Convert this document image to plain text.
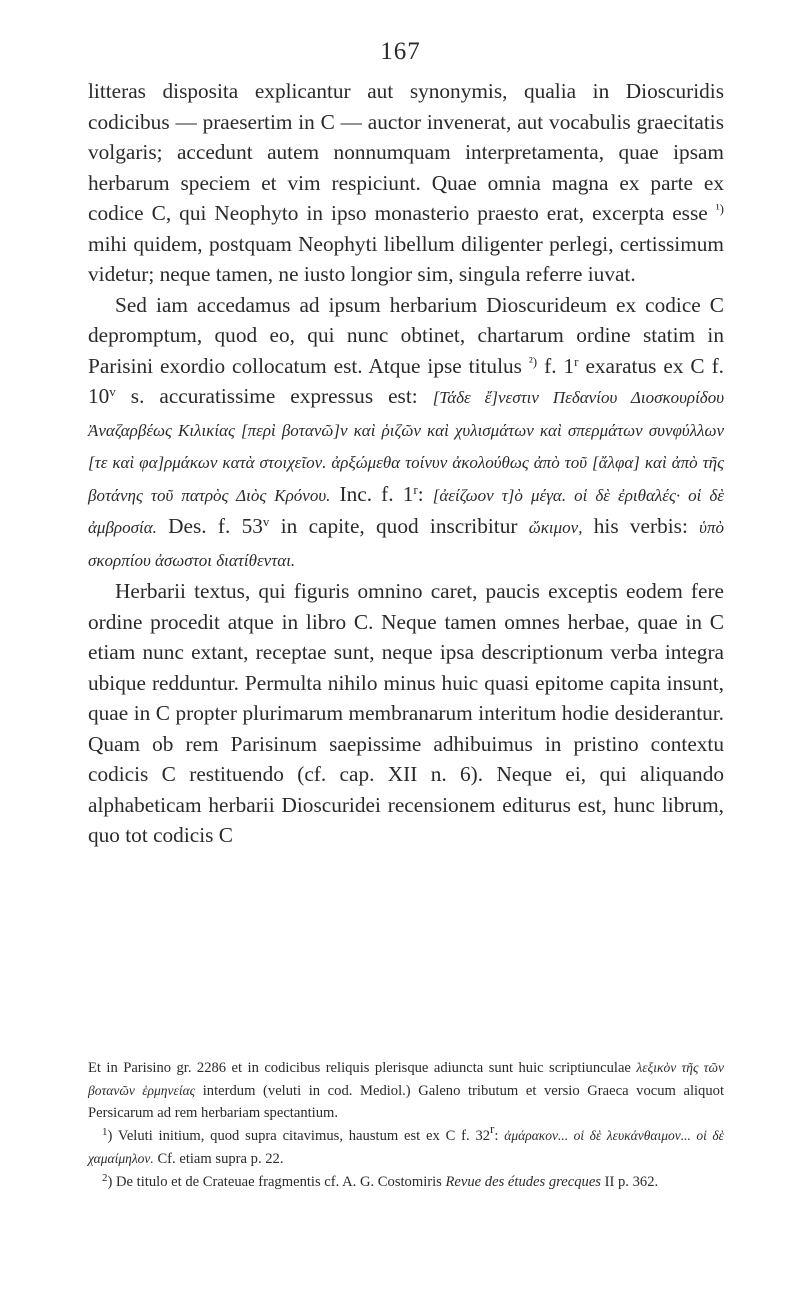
167

litteras disposita explicantur aut synonymis, qualia in Dioscuridis codicibus — praesertim in C — auctor invenerat, aut vocabulis graecitatis volgaris; accedunt autem nonnumquam interpretamenta, quae ipsam herbarum speciem et vim respiciunt. Quae omnia magna ex parte ex codice C, qui Neophyto in ipso monasterio praesto erat, excerpta esse $^{^1)}$ mihi quidem, postquam Neophyti libellum diligenter perlegi, certissimum videtur; neque tamen, ne iusto longior sim, singula referre iuvat.

Sed iam accedamus ad ipsum herbarium Dioscurideum ex codice C depromptum, quod eo, qui nunc obtinet, chartarum ordine statim in Parisini exordio collocatum est. Atque ipse titulus $^{^2)}$ f. 1$^r$ exaratus ex C f. 10$^v$ s. accuratissime expressus est: [Τάδε ἔ]νεστιν Πεδανίου Διοσκουρίδου Ἀναζαρβέως Κιλικίας [περὶ βοτανῶ]ν καὶ ῥιζῶν καὶ χυλισμάτων καὶ σπερμάτων συνφύλλων [τε καὶ φα]ρμάκων κατὰ στοιχεῖον. ἀρξώμεθα τοίνυν ἀκολούθως ἀπὸ τοῦ [ἄλφα] καὶ ἀπὸ τῆς βοτάνης τοῦ πατρὸς Διὸς Κρόνου. Inc. f. 1$^r$: [ἀείζωον τ]ὸ μέγα. οἱ δὲ ἐριθαλές· οἱ δὲ ἀμβροσία. Des. f. 53$^v$ in capite, quod inscribitur ὤκιμον, his verbis: ὑπὸ σκορπίου ἀσωστοι διατίθενται.

Herbarii textus, qui figuris omnino caret, paucis exceptis eodem fere ordine procedit atque in libro C. Neque tamen omnes herbae, quae in C etiam nunc extant, receptae sunt, neque ipsa descriptionum verba integra ubique redduntur. Permulta nihilo minus huic quasi epitome capita insunt, quae in C propter plurimarum membranarum interitum hodie desiderantur. Quam ob rem Parisinum saepissime adhibuimus in pristino contextu codicis C restituendo (cf. cap. XII n. 6). Neque ei, qui aliquando alphabeticam herbarii Dioscuridei recensionem editurus est, hunc librum, quo tot codicis C

Et in Parisino gr. 2286 et in codicibus reliquis plerisque adiuncta sunt huic scriptiunculae λεξικὸν τῆς τῶν βοτανῶν ἑρμηνείας interdum (veluti in cod. Mediol.) Galeno tributum et versio Graeca vocum aliquot Persicarum ad rem herbariam spectantium.

$^1$) Veluti initium, quod supra citavimus, haustum est ex C f. 32$^r$: ἀμάρακον... οἱ δὲ λευκάνθαιμον... οἱ δὲ χαμαίμηλον. Cf. etiam supra p. 22.

$^2$) De titulo et de Crateuae fragmentis cf. A. G. Costomiris Revue des études grecques II p. 362.
